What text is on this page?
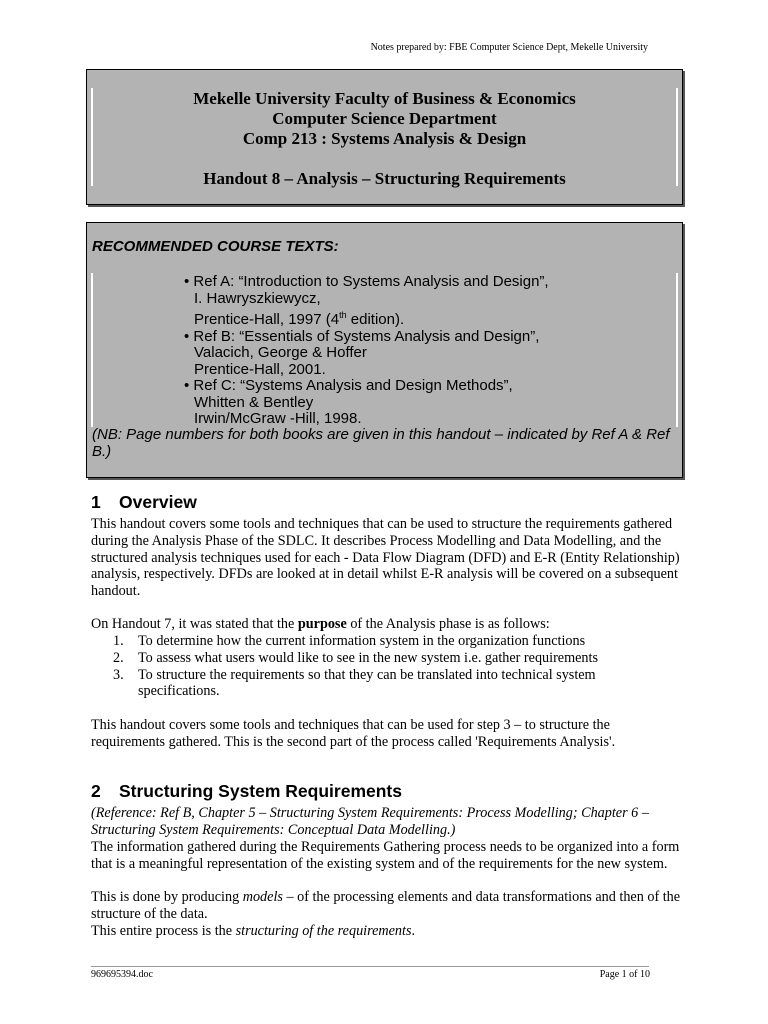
Notes prepared by: FBE Computer Science Dept, Mekelle University
Mekelle University Faculty of Business & Economics
Computer Science Department
Comp 213 : Systems Analysis & Design
Handout 8 – Analysis – Structuring Requirements
RECOMMENDED COURSE TEXTS:
• Ref A: “Introduction to Systems Analysis and Design”,
I. Hawryszkiewycz,
Prentice-Hall, 1997 (4th edition).
• Ref B: “Essentials of Systems Analysis and Design”,
Valacich, George & Hoffer
Prentice-Hall, 2001.
• Ref C: “Systems Analysis and Design Methods”,
Whitten & Bentley
Irwin/McGraw -Hill, 1998.
(NB: Page numbers for both books are given in this handout – indicated by Ref A & Ref B.)
1 Overview
This handout covers some tools and techniques that can be used to structure the requirements gathered during the Analysis Phase of the SDLC. It describes Process Modelling and Data Modelling, and the structured analysis techniques used for each - Data Flow Diagram (DFD) and E-R (Entity Relationship) analysis, respectively. DFDs are looked at in detail whilst E-R analysis will be covered on a subsequent handout.
On Handout 7, it was stated that the purpose of the Analysis phase is as follows:
1.	To determine how the current information system in the organization functions
2.	To assess what users would like to see in the new system i.e. gather requirements
3.	To structure the requirements so that they can be translated into technical system specifications.
This handout covers some tools and techniques that can be used for step 3 – to structure the requirements gathered. This is the second part of the process called 'Requirements Analysis'.
2 Structuring System Requirements
(Reference: Ref B, Chapter 5 – Structuring System Requirements: Process Modelling; Chapter 6 – Structuring System Requirements: Conceptual Data Modelling.)
The information gathered during the Requirements Gathering process needs to be organized into a form that is a meaningful representation of the existing system and of the requirements for the new system.
This is done by producing models – of the processing elements and data transformations and then of the structure of the data.
This entire process is the structuring of the requirements.
969695394.doc	Page 1 of 10
